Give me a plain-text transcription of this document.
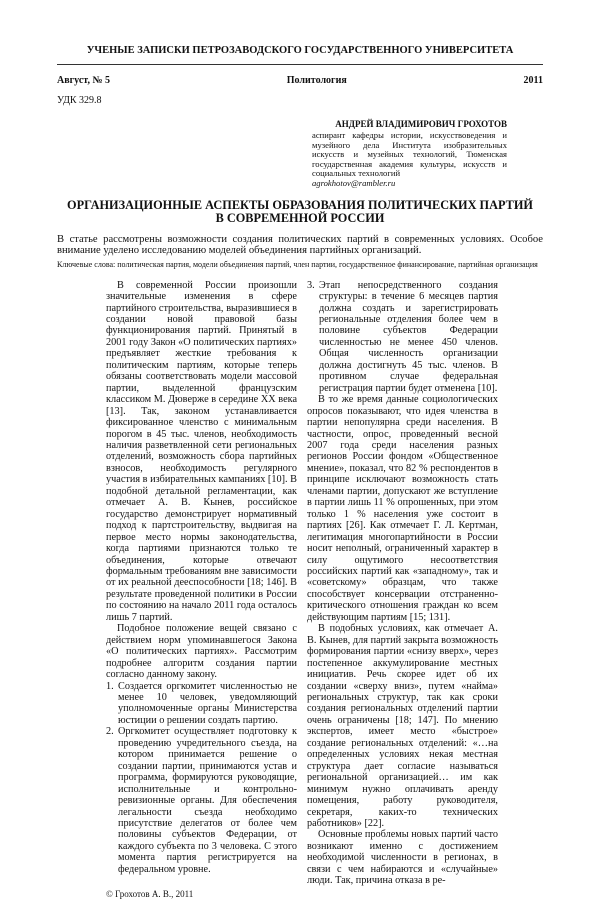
УЧЕНЫЕ ЗАПИСКИ ПЕТРОЗАВОДСКОГО ГОСУДАРСТВЕННОГО УНИВЕРСИТЕТА
Август, № 5	Политология	2011
УДК 329.8
АНДРЕЙ ВЛАДИМИРОВИЧ ГРОХОТОВ
аспирант кафедры истории, искусствоведения и музейного дела Института изобразительных искусств и музейных технологий, Тюменская государственная академия культуры, искусств и социальных технологий
agrokhotov@rambler.ru
ОРГАНИЗАЦИОННЫЕ АСПЕКТЫ ОБРАЗОВАНИЯ ПОЛИТИЧЕСКИХ ПАРТИЙ
В СОВРЕМЕННОЙ РОССИИ
В статье рассмотрены возможности создания политических партий в современных условиях. Особое внимание уделено исследованию моделей объединения партийных организаций.
Ключевые слова: политическая партия, модели объединения партий, член партии, государственное финансирование, партийная организация

В современной России произошли значительные изменения в сфере партийного строительства, выразившиеся в создании новой правовой базы функционирования партий. Принятый в 2001 году Закон «О политических партиях» предъявляет жесткие требования к политическим партиям, которые теперь обязаны соответствовать модели массовой партии, выделенной французским классиком М. Дюверже в середине XX века [13]. Так, законом устанавливается фиксированное членство с минимальным порогом в 45 тыс. членов, необходимость наличия разветвленной сети региональных отделений, возможность сбора партийных взносов, необходимость регулярного участия в избирательных кампаниях [10]. В подобной детальной регламентации, как отмечает А. В. Кынев, российское государство демонстрирует нормативный подход к партстроительству, выдвигая на первое место нормы законодательства, когда партиями признаются только те объединения, которые отвечают формальным требованиям вне зависимости от их реальной дееспособности [18; 146]. В результате проведенной политики в России по состоянию на начало 2011 года осталось лишь 7 партий.

Подобное положение вещей связано с действием норм упоминавшегося Закона «О политических партиях». Рассмотрим подробнее алгоритм создания партии согласно данному закону.

1. Создается оргкомитет численностью не менее 10 человек, уведомляющий уполномоченные органы Министерства юстиции о решении создать партию.
2. Оргкомитет осуществляет подготовку к проведению учредительного съезда, на котором принимается решение о создании партии, принимаются устав и программа, формируются руководящие, исполнительные и контрольно-ревизионные органы. Для обеспечения легальности съезда необходимо присутствие делегатов от более чем половины субъектов Федерации, от каждого субъекта по 3 человека. С этого момента партия регистрируется на федеральном уровне.
© Грохотов А. В., 2011
3. Этап непосредственного создания структуры: в течение 6 месяцев партия должна создать и зарегистрировать региональные отделения более чем в половине субъектов Федерации численностью не менее 450 членов. Общая численность организации должна достигнуть 45 тыс. членов. В противном случае федеральная регистрация партии будет отменена [10].

В то же время данные социологических опросов показывают, что идея членства в партии непопулярна среди населения. В частности, опрос, проведенный весной 2007 года среди населения разных регионов России фондом «Общественное мнение», показал, что 82 % респондентов в принципе исключают возможность стать членами партии, допускают же вступление в партии лишь 11 % опрошенных, при этом только 1 % населения уже состоит в партиях [26]. Как отмечает Г. Л. Кертман, легитимация многопартийности в России носит неполный, ограниченный характер в силу ощутимого несоответствия российских партий как «западному», так и «советскому» образцам, что также способствует консервации отстраненно-критического отношения граждан ко всем действующим партиям [15; 131].

В подобных условиях, как отмечает А. В. Кынев, для партий закрыта возможность формирования партии «снизу вверх», через постепенное аккумулирование местных инициатив. Речь скорее идет об их создании «сверху вниз», путем «найма» региональных структур, так как сроки создания региональных отделений партии очень ограничены [18; 147]. По мнению экспертов, имеет место «быстрое» создание региональных отделений: «…на определенных условиях некая местная структура дает согласие называться региональной организацией… им как минимум нужно оплачивать аренду помещения, работу руководителя, секретаря, каких-то технических работников» [22].

Основные проблемы новых партий часто возникают именно с достижением необходимой численности в регионах, в связи с чем набираются и «случайные» люди. Так, причина отказа в ре-
